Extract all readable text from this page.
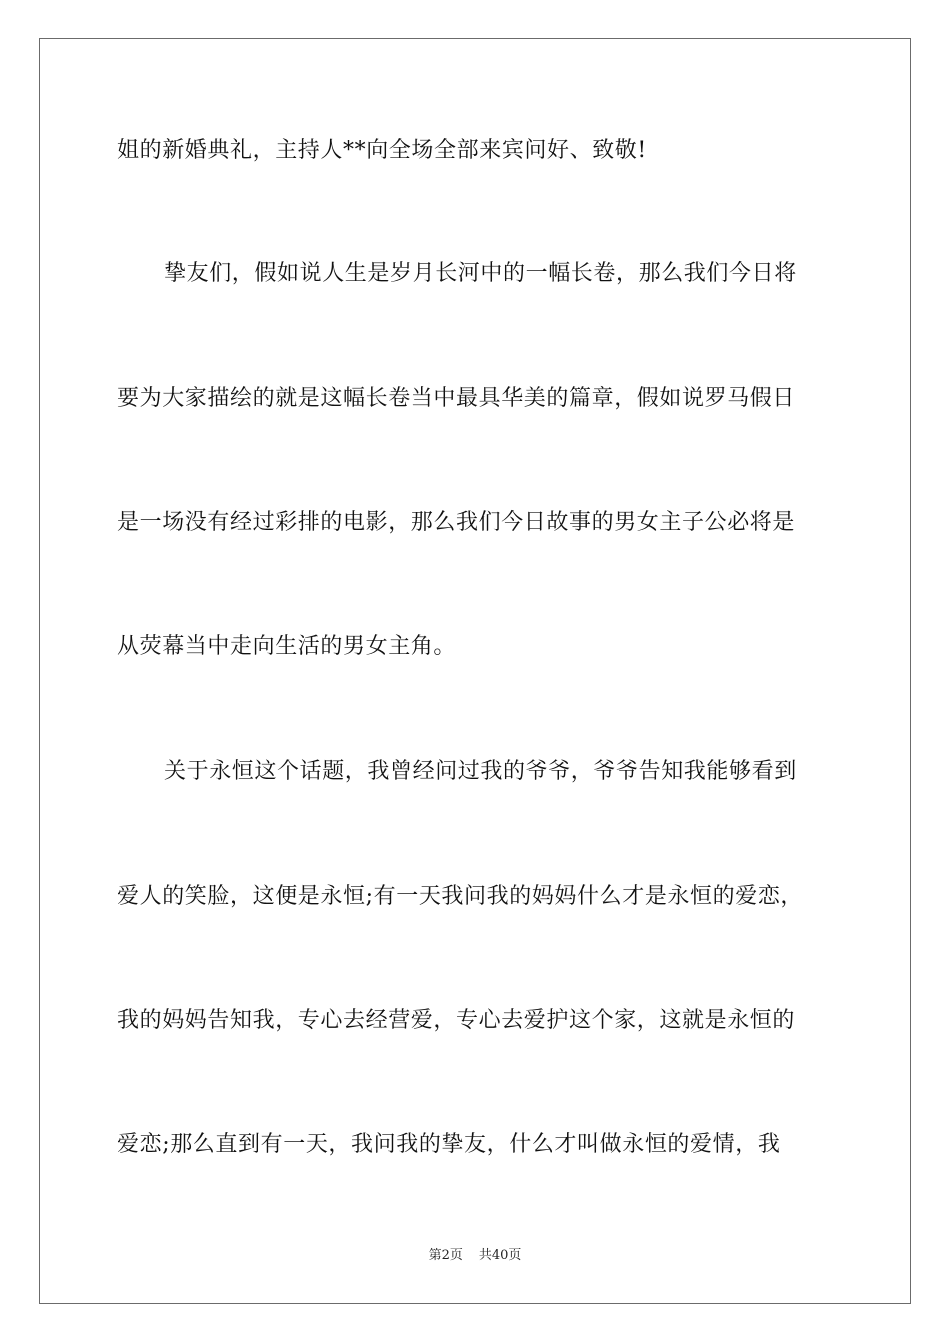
姐的新婚典礼，主持人**向全场全部来宾问好、致敬!
挚友们，假如说人生是岁月长河中的一幅长卷，那么我们今日将
要为大家描绘的就是这幅长卷当中最具华美的篇章，假如说罗马假日
是一场没有经过彩排的电影，那么我们今日故事的男女主子公必将是
从荧幕当中走向生活的男女主角。
关于永恒这个话题，我曾经问过我的爷爷，爷爷告知我能够看到
爱人的笑脸，这便是永恒;有一天我问我的妈妈什么才是永恒的爱恋，
我的妈妈告知我，专心去经营爱，专心去爱护这个家，这就是永恒的
爱恋;那么直到有一天，我问我的挚友，什么才叫做永恒的爱情，我
第2页 共40页
